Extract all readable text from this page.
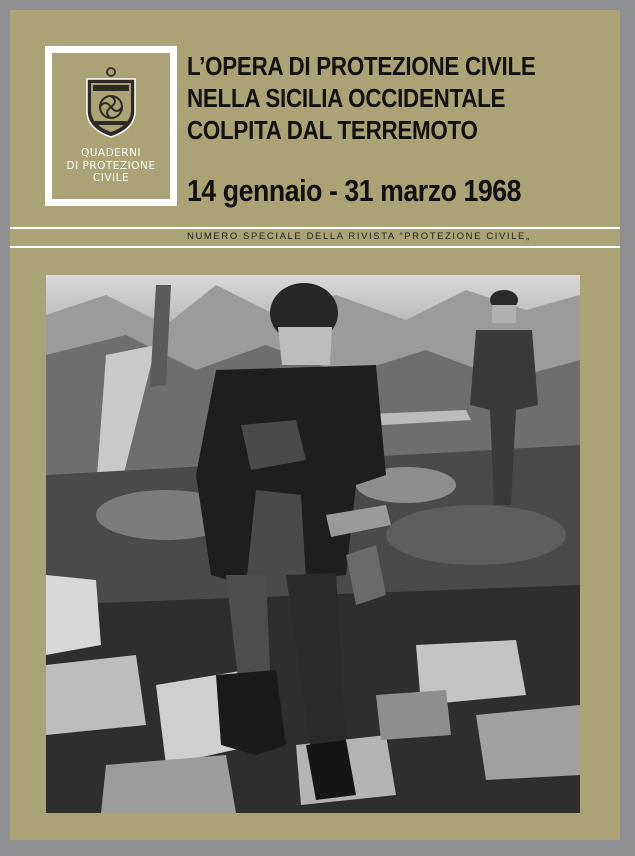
QUADERNI
DI PROTEZIONE
CIVILE
L’OPERA DI PROTEZIONE CIVILE
NELLA SICILIA OCCIDENTALE
COLPITA DAL TERREMOTO
14 gennaio - 31 marzo 1968
NUMERO SPECIALE DELLA RIVISTA “PROTEZIONE CIVILE„
